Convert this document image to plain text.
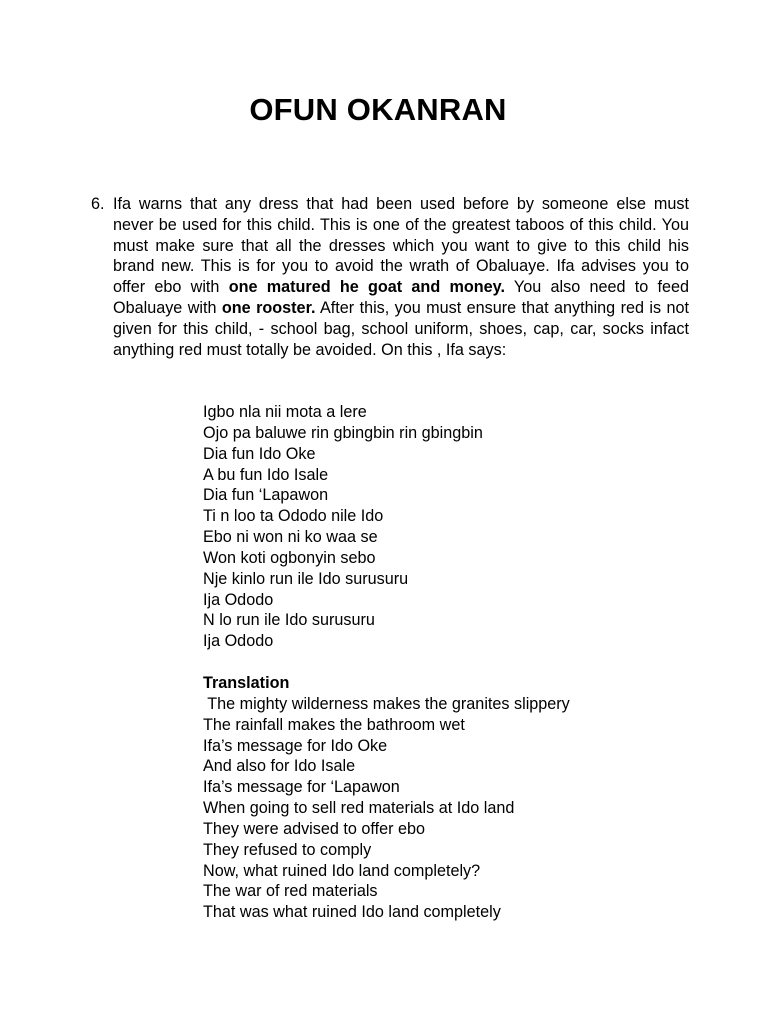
OFUN OKANRAN
6. Ifa warns that any dress that had been used before by someone else must never be used for this child. This is one of the greatest taboos of this child. You must make sure that all the dresses which you want to give to this child his brand new. This is for you to avoid the wrath of Obaluaye. Ifa advises you to offer ebo with one matured he goat and money. You also need to feed Obaluaye with one rooster. After this, you must ensure that anything red is not given for this child, - school bag, school uniform, shoes, cap, car, socks infact anything red must totally be avoided. On this , Ifa says:
Igbo nla nii mota a lere
Ojo pa baluwe rin gbingbin rin gbingbin
Dia fun Ido Oke
A bu fun Ido Isale
Dia fun ‘Lapawon
Ti n loo ta Ododo nile Ido
Ebo ni won ni ko waa se
Won koti ogbonyin sebo
Nje kinlo run ile Ido surusuru
Ija Ododo
N lo run ile Ido surusuru
Ija Ododo
Translation
The mighty wilderness makes the granites slippery
The rainfall makes the bathroom wet
Ifa’s message for Ido Oke
And also for Ido Isale
Ifa’s message for ‘Lapawon
When going to sell red materials at Ido land
They were advised to offer ebo
They refused to comply
Now, what ruined Ido land completely?
The war of red materials
That was what ruined Ido land completely
